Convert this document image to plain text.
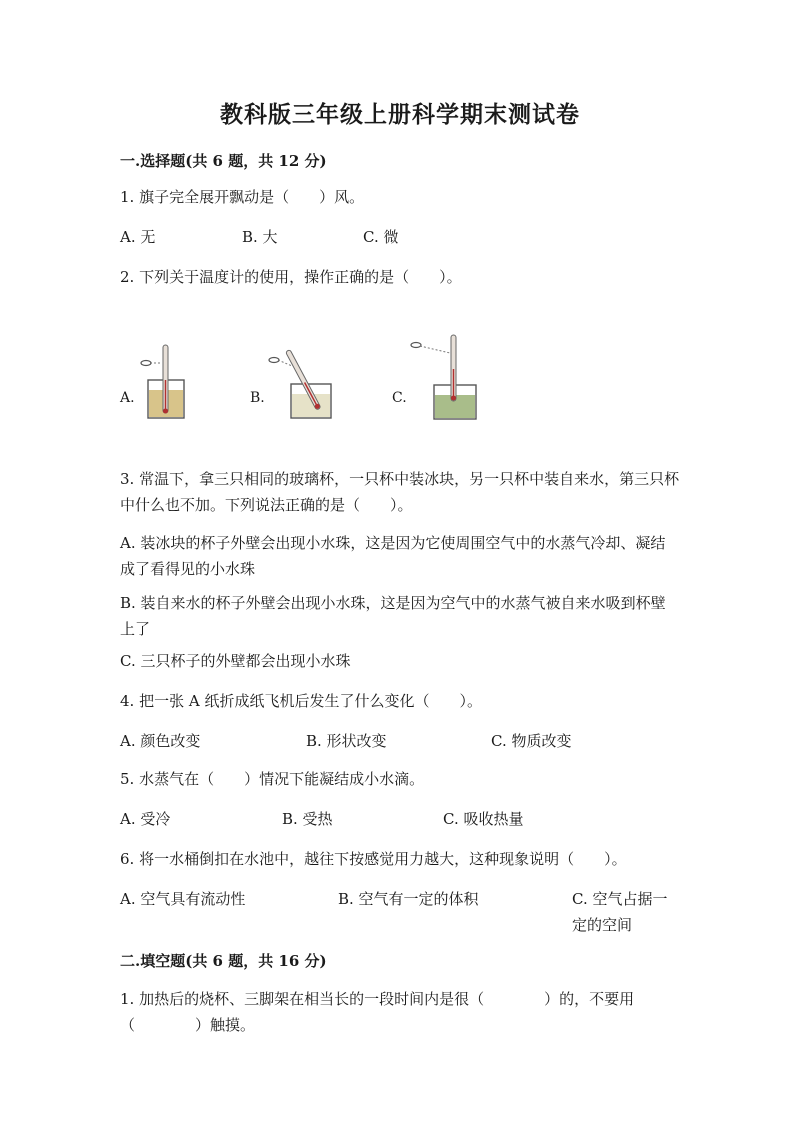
教科版三年级上册科学期末测试卷
一.选择题(共 6 题，共 12 分)
1. 旗子完全展开飘动是（　　）风。
A. 无	B. 大	C. 微
2. 下列关于温度计的使用，操作正确的是（　　）。
A.	B.	C.
3. 常温下，拿三只相同的玻璃杯，一只杯中装冰块，另一只杯中装自来水，第三只杯中什么也不加。下列说法正确的是（　　）。
A. 装冰块的杯子外壁会出现小水珠，这是因为它使周围空气中的水蒸气冷却、凝结成了看得见的小水珠
B. 装自来水的杯子外壁会出现小水珠，这是因为空气中的水蒸气被自来水吸到杯壁上了
C. 三只杯子的外壁都会出现小水珠
4. 把一张 A 纸折成纸飞机后发生了什么变化（　　）。
A. 颜色改变	B. 形状改变	C. 物质改变
5. 水蒸气在（　　）情况下能凝结成小水滴。
A. 受冷	B. 受热	C. 吸收热量
6. 将一水桶倒扣在水池中，越往下按感觉用力越大，这种现象说明（　　）。
A. 空气具有流动性	B. 空气有一定的体积	C. 空气占据一定的空间
二.填空题(共 6 题，共 16 分)
1. 加热后的烧杯、三脚架在相当长的一段时间内是很（　　　　）的，不要用（　　　　）触摸。
